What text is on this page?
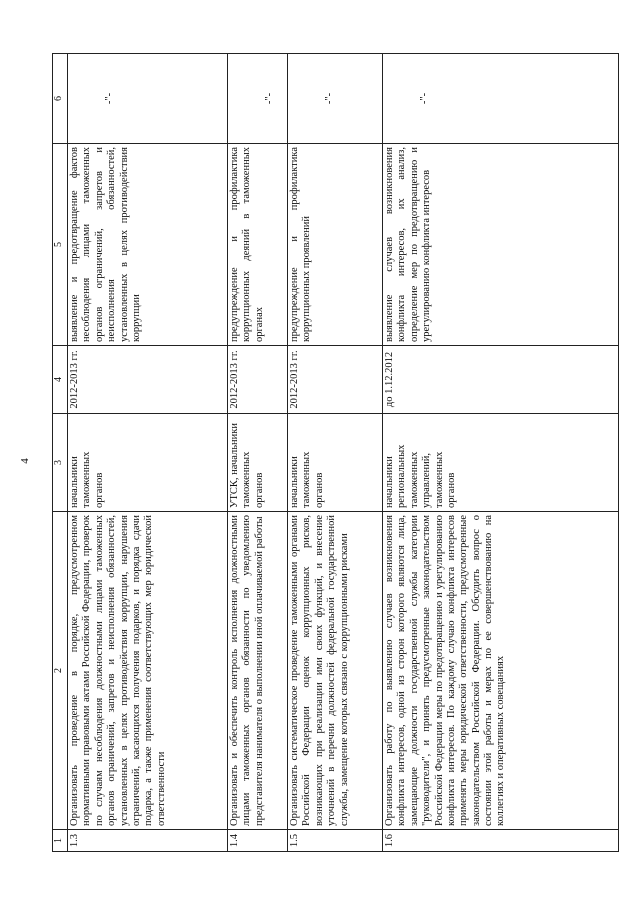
4
1	2	3	4	5	6
1.3	Организовать проведение в порядке, предусмотренном нормативными правовыми актами Российской Федерации, проверок по случаям несоблюдения должностными лицами таможенных органов ограничений, запретов и неисполнения обязанностей, установленных в целях противодействия коррупции, нарушения ограничений, касающихся получения подарков, и порядка сдачи подарка, а также применения соответствующих мер юридической ответственности	начальники таможенных органов	2012-2013 гг.	выявление и предотвращение фактов несоблюдения лицами таможенных органов ограничений, запретов и неисполнения обязанностей, установленных в целях противодействия коррупции	-"-
1.4	Организовать и обеспечить контроль исполнения должностными лицами таможенных органов обязанности по уведомлению представителя нанимателя о выполнении иной оплачиваемой работы	УТСК, начальники таможенных органов	2012-2013 гг.	предупреждение и профилактика коррупционных деяний в таможенных органах	-"-
1.5	Организовать систематическое проведение таможенными органами Российской Федерации оценок коррупционных рисков, возникающих при реализации ими своих функций, и внесение уточнений в перечни должностей федеральной государственной службы, замещение которых связано с коррупционными рисками	начальники таможенных органов	2012-2013 гг.	предупреждение и профилактика коррупционных проявлений	-"-
1.6	Организовать работу по выявлению случаев возникновения конфликта интересов, одной из сторон которого являются лица, замещающие должности государственной службы категории "руководители", и принять предусмотренные законодательством Российской Федерации меры по предотвращению и урегулированию конфликта интересов. По каждому случаю конфликта интересов применять меры юридической ответственности, предусмотренные законодательством Российской Федерации. Обсудить вопрос о состоянии этой работы и мерах по ее совершенствованию на коллегиях и оперативных совещаниях	начальники региональных таможенных управлений, таможенных органов	до 1.12.2012	выявление случаев возникновения конфликта интересов, их анализ, определение мер по предотвращению и урегулированию конфликта интересов	-"-
